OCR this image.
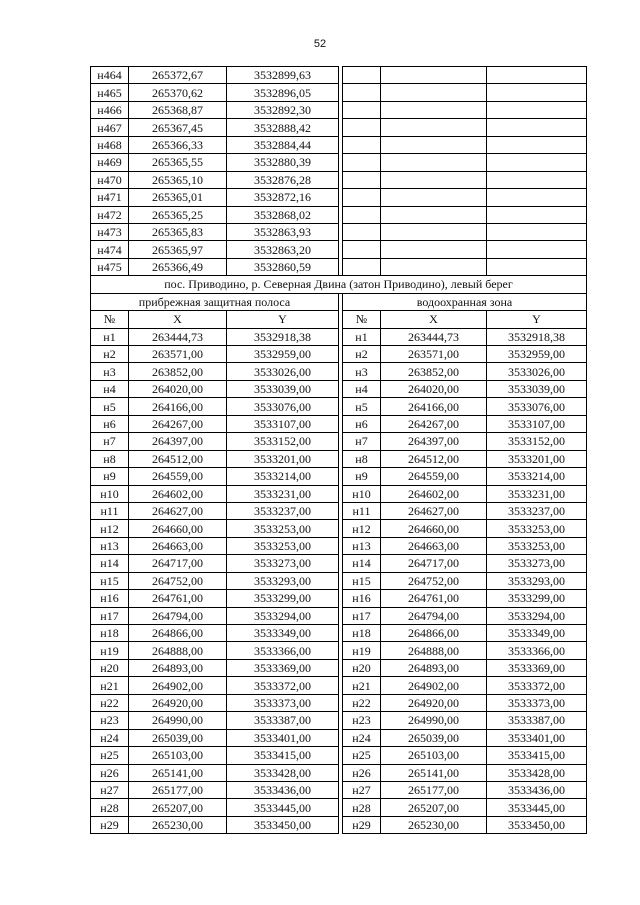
52
н464	265372,67	3532899,63				
н465	265370,62	3532896,05				
н466	265368,87	3532892,30				
н467	265367,45	3532888,42				
н468	265366,33	3532884,44				
н469	265365,55	3532880,39				
н470	265365,10	3532876,28				
н471	265365,01	3532872,16				
н472	265365,25	3532868,02				
н473	265365,83	3532863,93				
н474	265365,97	3532863,20				
н475	265366,49	3532860,59				
пос. Приводино, р. Северная Двина (затон Приводино), левый берег						
прибрежная защитная полоса				водоохранная зона		
№	X	Y		№	X	Y
н1	263444,73	3532918,38		н1	263444,73	3532918,38
н2	263571,00	3532959,00		н2	263571,00	3532959,00
н3	263852,00	3533026,00		н3	263852,00	3533026,00
н4	264020,00	3533039,00		н4	264020,00	3533039,00
н5	264166,00	3533076,00		н5	264166,00	3533076,00
н6	264267,00	3533107,00		н6	264267,00	3533107,00
н7	264397,00	3533152,00		н7	264397,00	3533152,00
н8	264512,00	3533201,00		н8	264512,00	3533201,00
н9	264559,00	3533214,00		н9	264559,00	3533214,00
н10	264602,00	3533231,00		н10	264602,00	3533231,00
н11	264627,00	3533237,00		н11	264627,00	3533237,00
н12	264660,00	3533253,00		н12	264660,00	3533253,00
н13	264663,00	3533253,00		н13	264663,00	3533253,00
н14	264717,00	3533273,00		н14	264717,00	3533273,00
н15	264752,00	3533293,00		н15	264752,00	3533293,00
н16	264761,00	3533299,00		н16	264761,00	3533299,00
н17	264794,00	3533294,00		н17	264794,00	3533294,00
н18	264866,00	3533349,00		н18	264866,00	3533349,00
н19	264888,00	3533366,00		н19	264888,00	3533366,00
н20	264893,00	3533369,00		н20	264893,00	3533369,00
н21	264902,00	3533372,00		н21	264902,00	3533372,00
н22	264920,00	3533373,00		н22	264920,00	3533373,00
н23	264990,00	3533387,00		н23	264990,00	3533387,00
н24	265039,00	3533401,00		н24	265039,00	3533401,00
н25	265103,00	3533415,00		н25	265103,00	3533415,00
н26	265141,00	3533428,00		н26	265141,00	3533428,00
н27	265177,00	3533436,00		н27	265177,00	3533436,00
н28	265207,00	3533445,00		н28	265207,00	3533445,00
н29	265230,00	3533450,00		н29	265230,00	3533450,00
